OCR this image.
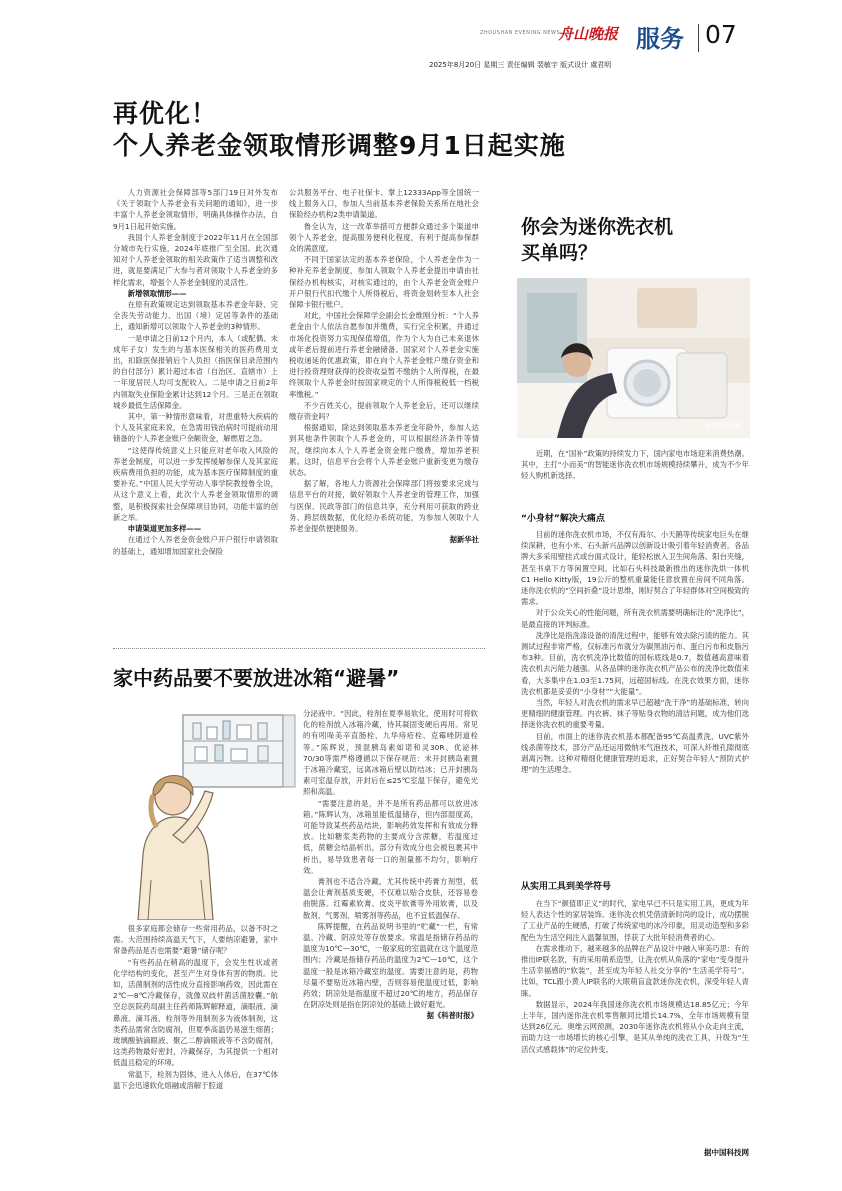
ZHOUSHAN EVENING NEWS
舟山晚报 服务 07
2025年8月20日 星期三 责任编辑 裴敏宇 版式设计 虞君明
再优化！
个人养老金领取情形调整9月1日起实施

人力资源社会保障部等5部门19日对外发布《关于领取个人养老金有关问题的通知》，进一步丰富个人养老金领取情形，明确具体操作办法，自9月1日起开始实施。

我国个人养老金制度于2022年11月在全国部分城市先行实施，2024年底推广至全国。此次通知对个人养老金领取的相关政策作了适当调整和改进，就是要满足广大参与者对领取个人养老金的多样化需求，增强个人养老金制度的灵活性。

新增领取情形——

在原有政策规定达到领取基本养老金年龄、完全丧失劳动能力、出国（境）定居等条件的基础上，通知新增可以领取个人养老金的3种情形。

一是申请之日前12个月内，本人（或配偶、未成年子女）发生的与基本医保相关的医药费用支出，扣除医保报销后个人负担（指医保目录范围内的自付部分）累计超过本省（自治区、直辖市）上一年度居民人均可支配收入。二是申请之日前2年内领取失业保险金累计达到12个月。三是正在领取城乡最低生活保障金。

其中，第一种情形意味着，对患重特大疾病的个人及其家庭来说，在急需用钱治病时可提前动用储备的个人养老金账户余额资金，解燃眉之急。

“这使得传统意义上只能应对老年收入风险的养老金制度，可以进一步发挥缓解参保人及其家庭疾病费用负担的功能，成为基本医疗保障制度的重要补充。”中国人民大学劳动人事学院教授鲁全说，从这个意义上看，此次个人养老金领取情形的调整，是积极探索社会保障项目协同，功能丰富的创新之举。

申请渠道更加多样——

在通过个人养老金资金账户开户银行申请领取的基础上，通知增加国家社会保险

公共服务平台、电子社保卡、掌上12333App等全国统一线上服务入口，参加人当前基本养老保险关系所在地社会保险经办机构2类申请渠道。

鲁全认为，这一改革举措可方便群众通过多个渠道申领个人养老金，提高服务便利化程度，有利于提高参保群众的满意度。

不同于国家法定的基本养老保险，个人养老金作为一种补充养老金制度，参加人领取个人养老金提出申请由社保经办机构核实，对核实通过的，由个人养老金资金账户开户银行代扣代缴个人所得税后，将资金划转至本人社会保障卡银行账户。

对此，中国社会保障学会副会长金维刚分析：“个人养老金由个人依法自愿参加并缴费，实行完全积累，并通过市场化投资努力实现保值增值，作为个人为自己未来退休或年老后提前进行养老金融储备。国家对个人养老金实施税收递延的优惠政策，即在向个人养老金账户缴存资金和进行投资理财获得的投资收益暂不缴纳个人所得税，在最终领取个人养老金时按国家规定的个人所得税税低一档税率缴税。”

不少百姓关心，提前领取个人养老金后，还可以继续缴存资金吗？

根据通知，除达到领取基本养老金年龄外，参加人达到其他条件领取个人养老金的，可以根据经济条件等情况，继续向本人个人养老金资金账户缴费，增加养老积累。这时，信息平台会将个人养老金账户重新变更为缴存状态。

据了解，各地人力资源社会保障部门将按要求完成与信息平台的对接，做好领取个人养老金的管理工作，加强与医保、民政等部门的信息共享，充分利用可获取的跨业务、跨层级数据，优化经办系统功能，为参加人领取个人养老金提供便捷服务。

据新华社

你会为迷你洗衣机
买单吗？
迷你洗衣机

近期，在“国补”政策的持续发力下，国内家电市场迎来消费热潮。其中，主打“小而美”的智能迷你洗衣机市场规模持续攀升，成为不少年轻人购机新选择。

“小身材”解决大痛点

目前的迷你洗衣机市场，不仅有海尔、小天鹅等传统家电巨头在继续深耕，也有小米、石头新兴品牌以创新设计吸引着年轻消费者。各品牌大多采用壁挂式或台面式设计，能轻松嵌入卫生间角落、阳台夹缝，甚至书桌下方等闲置空间。比如石头科技最新推出的迷你洗烘一体机C1 Hello Kitty版，19公斤的整机重量能任意放置在房间不同角落。迷你洗衣机的“空间折叠”设计思维，刚好契合了年轻群体对空间极致的需求。

对于公众关心的性能问题，所有洗衣机需要明确标注的“洗净比”，是最直接的评判标准。

洗净比是指洗涤设备的清洗过程中，能够有效去除污渍的能力。其测试过程非常严格，仅标准污布就分为碳黑油污布、蛋白污布和皮脂污布3种。目前，洗衣机洗净比数值的国标底线是0.7，数值越高意味着洗衣机去污能力越强。从各品牌的迷你洗衣机产品公布的洗净比数值来看，大多集中在1.03至1.75间，远超国标线。在洗衣效果方面，迷你洗衣机都是妥妥的“小身材”“大能量”。

当然，年轻人对洗衣机的需求早已超越“洗干净”的基础标准，转向更精细的健康管理。内衣裤、袜子等贴身衣物的清洁问题，成为他们选择迷你洗衣机的重要考量。

目前，市面上的迷你洗衣机基本都配备95℃高温煮洗、UVC紫外线杀菌等技术，部分产品还运用微纳米气泡技术，可深入纤维孔隙彻底剥离污物。这种对精细化健康管理的追求，正好契合年轻人“预防式护理”的生活理念。

从实用工具到美学符号

在当下“颜值即正义”的时代，家电早已不只是实用工具，更成为年轻人表达个性的家居装饰。迷你洗衣机凭借清新时尚的设计，成功摆脱了工业产品的生硬感，打破了传统家电的冰冷印象，用灵动造型和多彩配色为生活空间注入温馨氛围，俘获了大批年轻消费者的心。

在需求推动下，越来越多的品牌在产品设计中融入审美巧思：有的推出IP联名款，有的采用萌系造型，让洗衣机从角落的“家电”变身提升生活幸福感的“软装”，甚至成为年轻人社交分享的“生活美学符号”。比如，TCL跟小黄人IP联名的大眼萌盲盒款迷你洗衣机，深受年轻人青睐。

数据显示，2024年我国迷你洗衣机市场规模达18.85亿元；今年上半年，国内迷你洗衣机零售额同比增长14.7%，全年市场规模有望达到26亿元。奥维云网预测，2030年迷你洗衣机将从小众走向主流，而助力这一市场增长的核心引擎，是其从单纯的洗衣工具，升级为“生活仪式感载体”的定位转变。

据中国科技网
家中药品要不要放进冰箱“避暑”

很多家庭都会储存一些常用药品，以备不时之需。大范围持续高温天气下，人要纳凉避暑，家中常备药品是否也需要“避暑”储存呢？

“有些药品在稍高的温度下，会发生性状或者化学结构的变化，甚至产生对身体有害的物质。比如，活菌制剂的活性成分直接影响药效，因此需在2℃—8℃冷藏保存，就像双歧杆菌活菌胶囊。”航空总医院药局副主任药师陈辉解释道，滴眼液、滴鼻液、滴耳液、栓剂等外用制剂多为液体制剂，这类药品需常含防腐剂，但夏季高温仍易滋生细菌；玻璃酸钠滴眼液、聚乙二醇滴眼液等不含防腐剂，这类药物最好密封，冷藏保存，为其提供一个相对低温且稳定的环境。

常温下，栓剂为固体，进入人体后，在37℃体温下会迅速软化熔融或溶解于腔道

分泌液中。“因此，栓剂在夏季易软化，使用时可将软化的栓剂放入冰箱冷藏，待其凝固变硬后再用。常见的有吲哚美辛直肠栓、九华痔疮栓、克霉唑阴道栓等。”陈辉说，预混胰岛素如诺和灵30R、优泌林70/30等需严格遵循以下保存规范：未开封胰岛素置于冰箱冷藏室，远离冰箱后壁以防结冰；已开封胰岛素可室温存放，开封后在≤25℃室温下保存，避免光照和高温。

“需要注意的是，并不是所有药品都可以放进冰箱。”陈辉认为，冰箱虽能低温储存，但内部湿度高，可能导致某些药品结块，影响药效发挥和有效成分释放。比如糖浆类药物的主要成分含蔗糖，若温度过低，蔗糖会结晶析出，部分有效成分也会被包裹其中析出，易导致患者每一口的剂量都不均匀，影响疗效。

膏剂也不适合冷藏，尤其传统中药膏方剂型，低温会让膏剂基质变硬，不仅难以贴合皮肤，还容易卷曲脱落。红霉素软膏、皮炎平软膏等外用软膏，以及散剂、气雾剂、喷雾剂等药品，也不宜低温保存。

陈辉提醒，在药品说明书里的“贮藏”一栏，有常温、冷藏、阴凉处等存放要求。常温是指储存药品的温度为10℃—30℃，一般家庭的室温就在这个温度范围内；冷藏是指储存药品的温度为2℃—10℃，这个温度一般是冰箱冷藏室的温度。需要注意的是，药物尽量不要贴近冰箱内壁，否则容易使温度过低，影响药效；阴凉处是指温度不超过20℃的地方，药品保存在阴凉处则是指在阴凉处的基础上做好避光。

据《科普时报》
